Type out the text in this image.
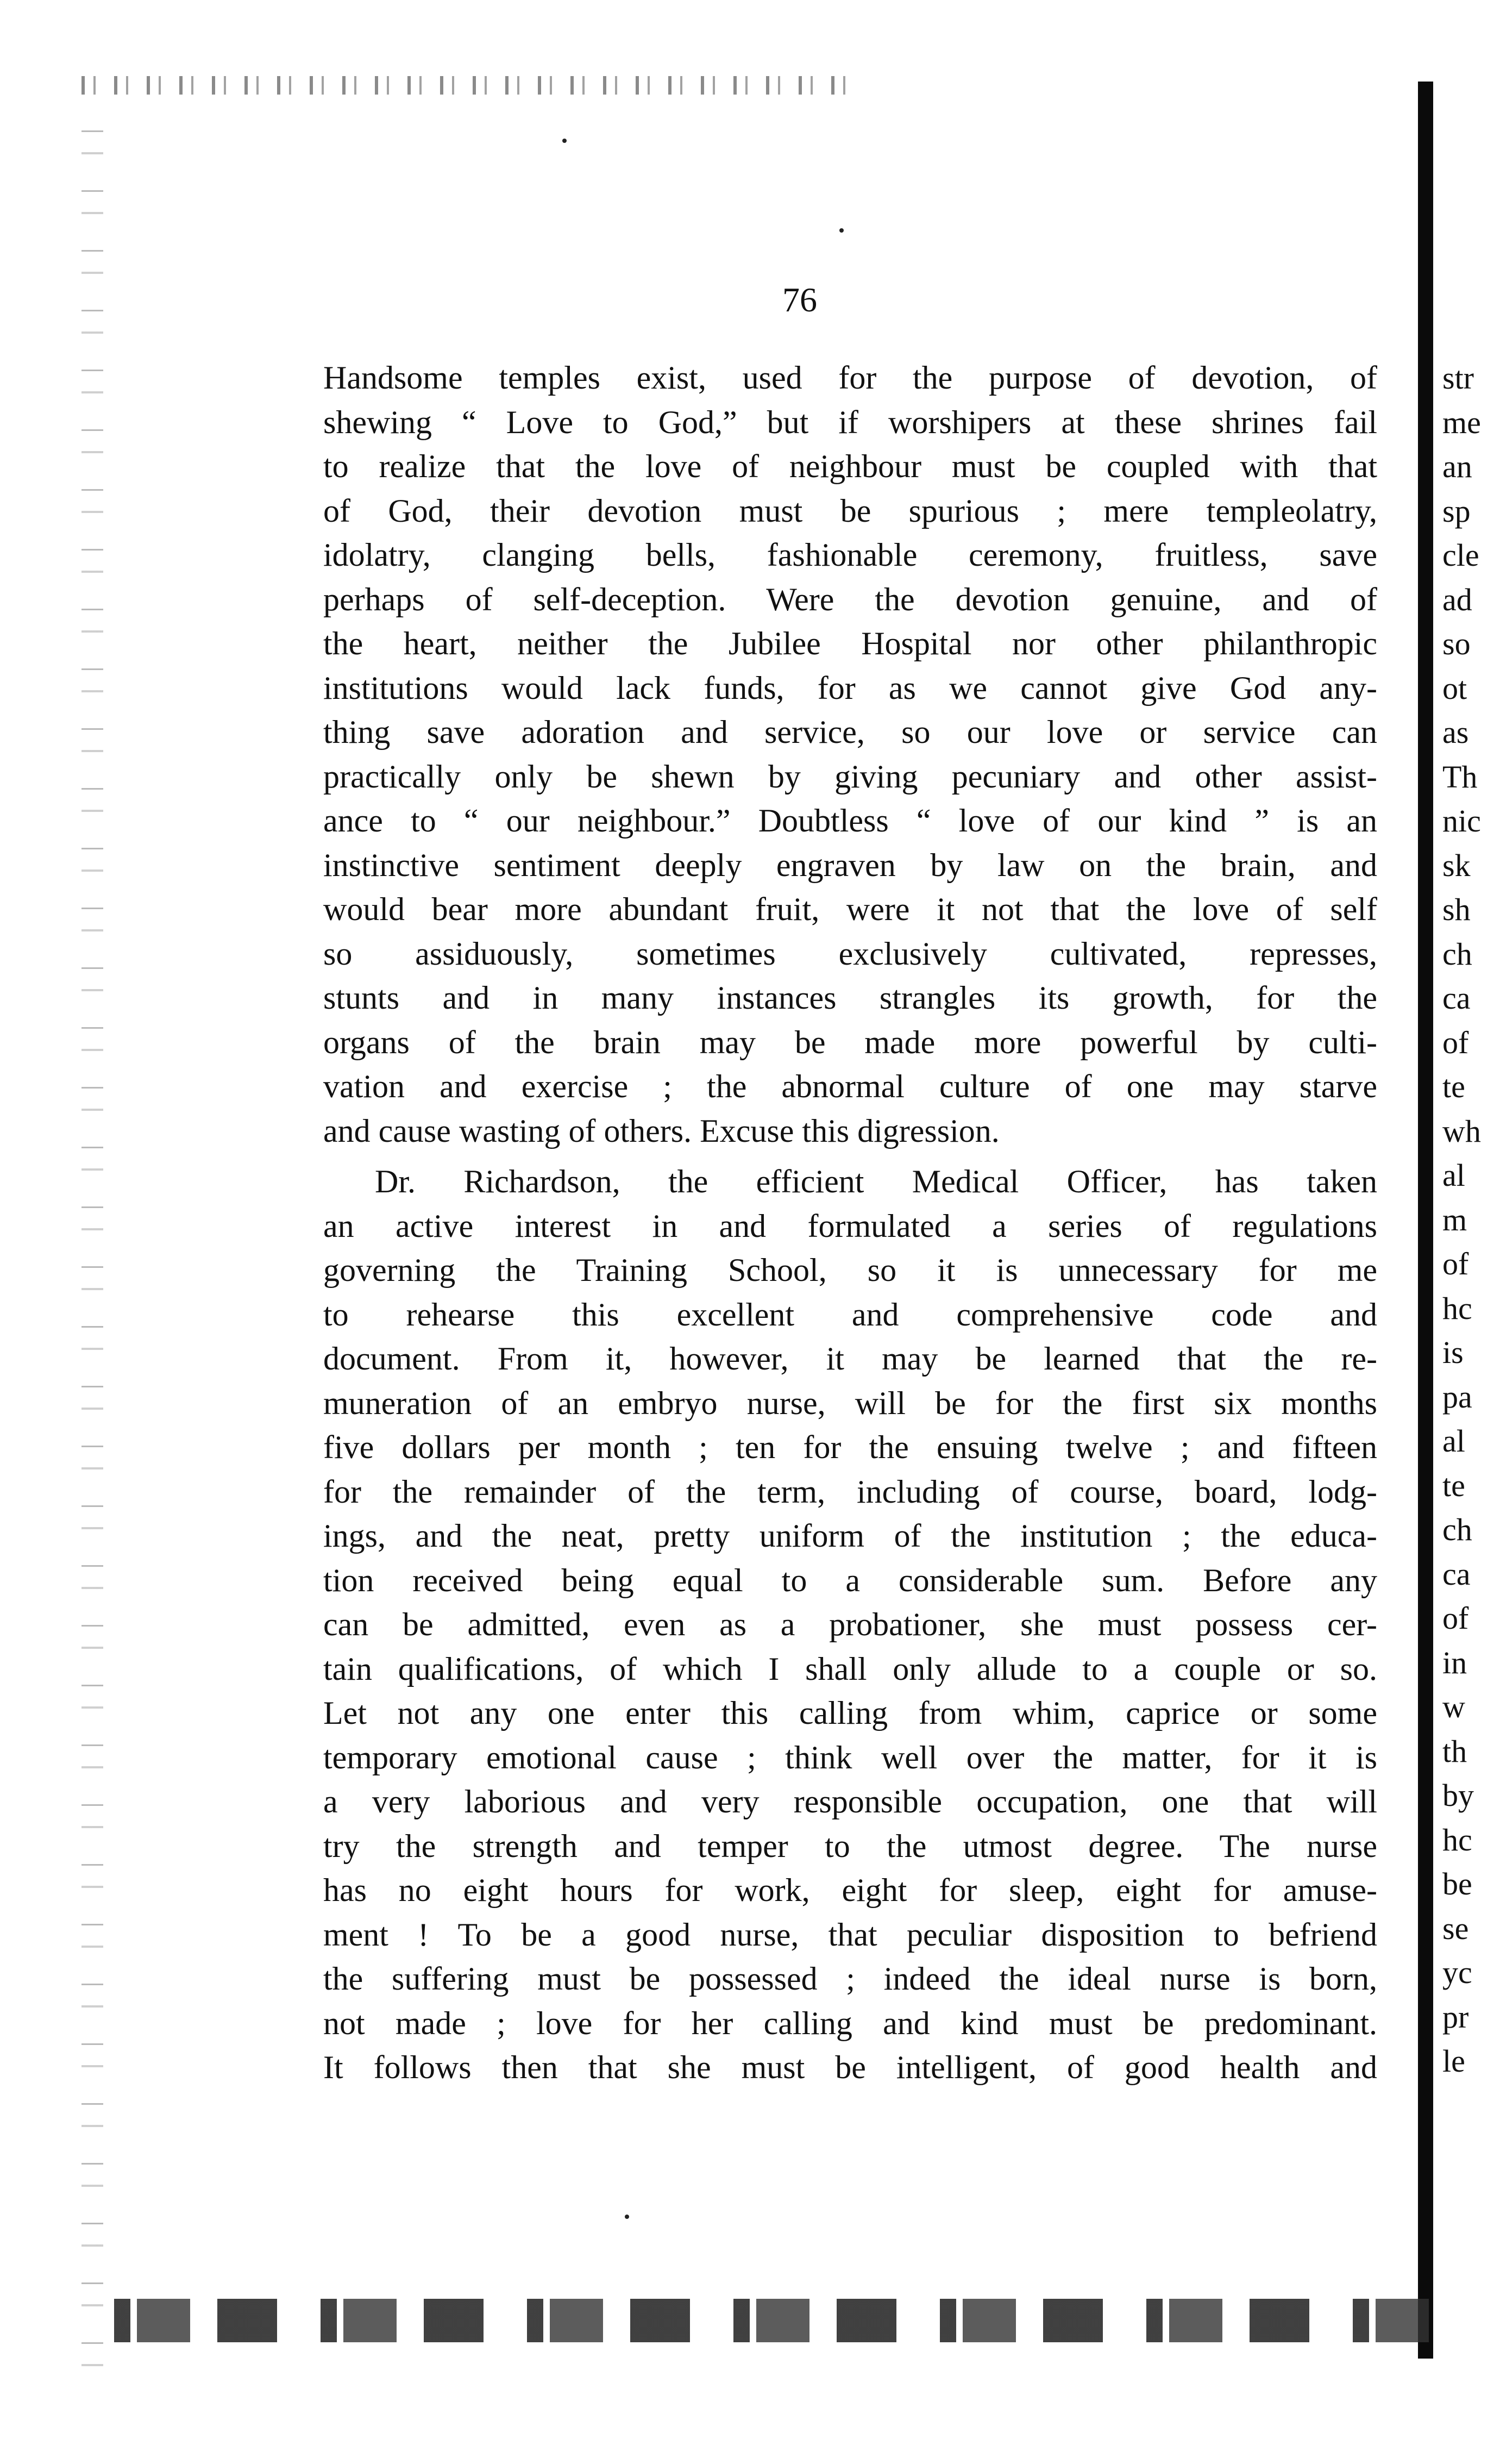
76
Handsome temples exist, used for the purpose of devotion, of
shewing “ Love to God,” but if worshipers at these shrines fail
to realize that the love of neighbour must be coupled with that
of God, their devotion must be spurious ; mere templeolatry,
idolatry, clanging bells, fashionable ceremony, fruitless, save
perhaps of self-deception. Were the devotion genuine, and of
the heart, neither the Jubilee Hospital nor other philanthropic
institutions would lack funds, for as we cannot give God any-
thing save adoration and service, so our love or service can
practically only be shewn by giving pecuniary and other assist-
ance to “ our neighbour.” Doubtless “ love of our kind ” is an
instinctive sentiment deeply engraven by law on the brain, and
would bear more abundant fruit, were it not that the love of self
so assiduously, sometimes exclusively cultivated, represses,
stunts and in many instances strangles its growth, for the
organs of the brain may be made more powerful by culti-
vation and exercise ; the abnormal culture of one may starve
and cause wasting of others. Excuse this digression.
Dr. Richardson, the efficient Medical Officer, has taken
an active interest in and formulated a series of regulations
governing the Training School, so it is unnecessary for me
to rehearse this excellent and comprehensive code and
document. From it, however, it may be learned that the re-
muneration of an embryo nurse, will be for the first six months
five dollars per month ; ten for the ensuing twelve ; and fifteen
for the remainder of the term, including of course, board, lodg-
ings, and the neat, pretty uniform of the institution ; the educa-
tion received being equal to a considerable sum. Before any
can be admitted, even as a probationer, she must possess cer-
tain qualifications, of which I shall only allude to a couple or so.
Let not any one enter this calling from whim, caprice or some
temporary emotional cause ; think well over the matter, for it is
a very laborious and very responsible occupation, one that will
try the strength and temper to the utmost degree. The nurse
has no eight hours for work, eight for sleep, eight for amuse-
ment ! To be a good nurse, that peculiar disposition to befriend
the suffering must be possessed ; indeed the ideal nurse is born,
not made ; love for her calling and kind must be predominant.
It follows then that she must be intelligent, of good health and
str
me
an
sp
cle
ad
so
ot
as
Th
nic
sk
sh
ch
ca
of
te
wh
al
m
of
hc
is
pa
al
te
ch
ca
of
in
w
th
by
hc
be
se
yc
pr
le
